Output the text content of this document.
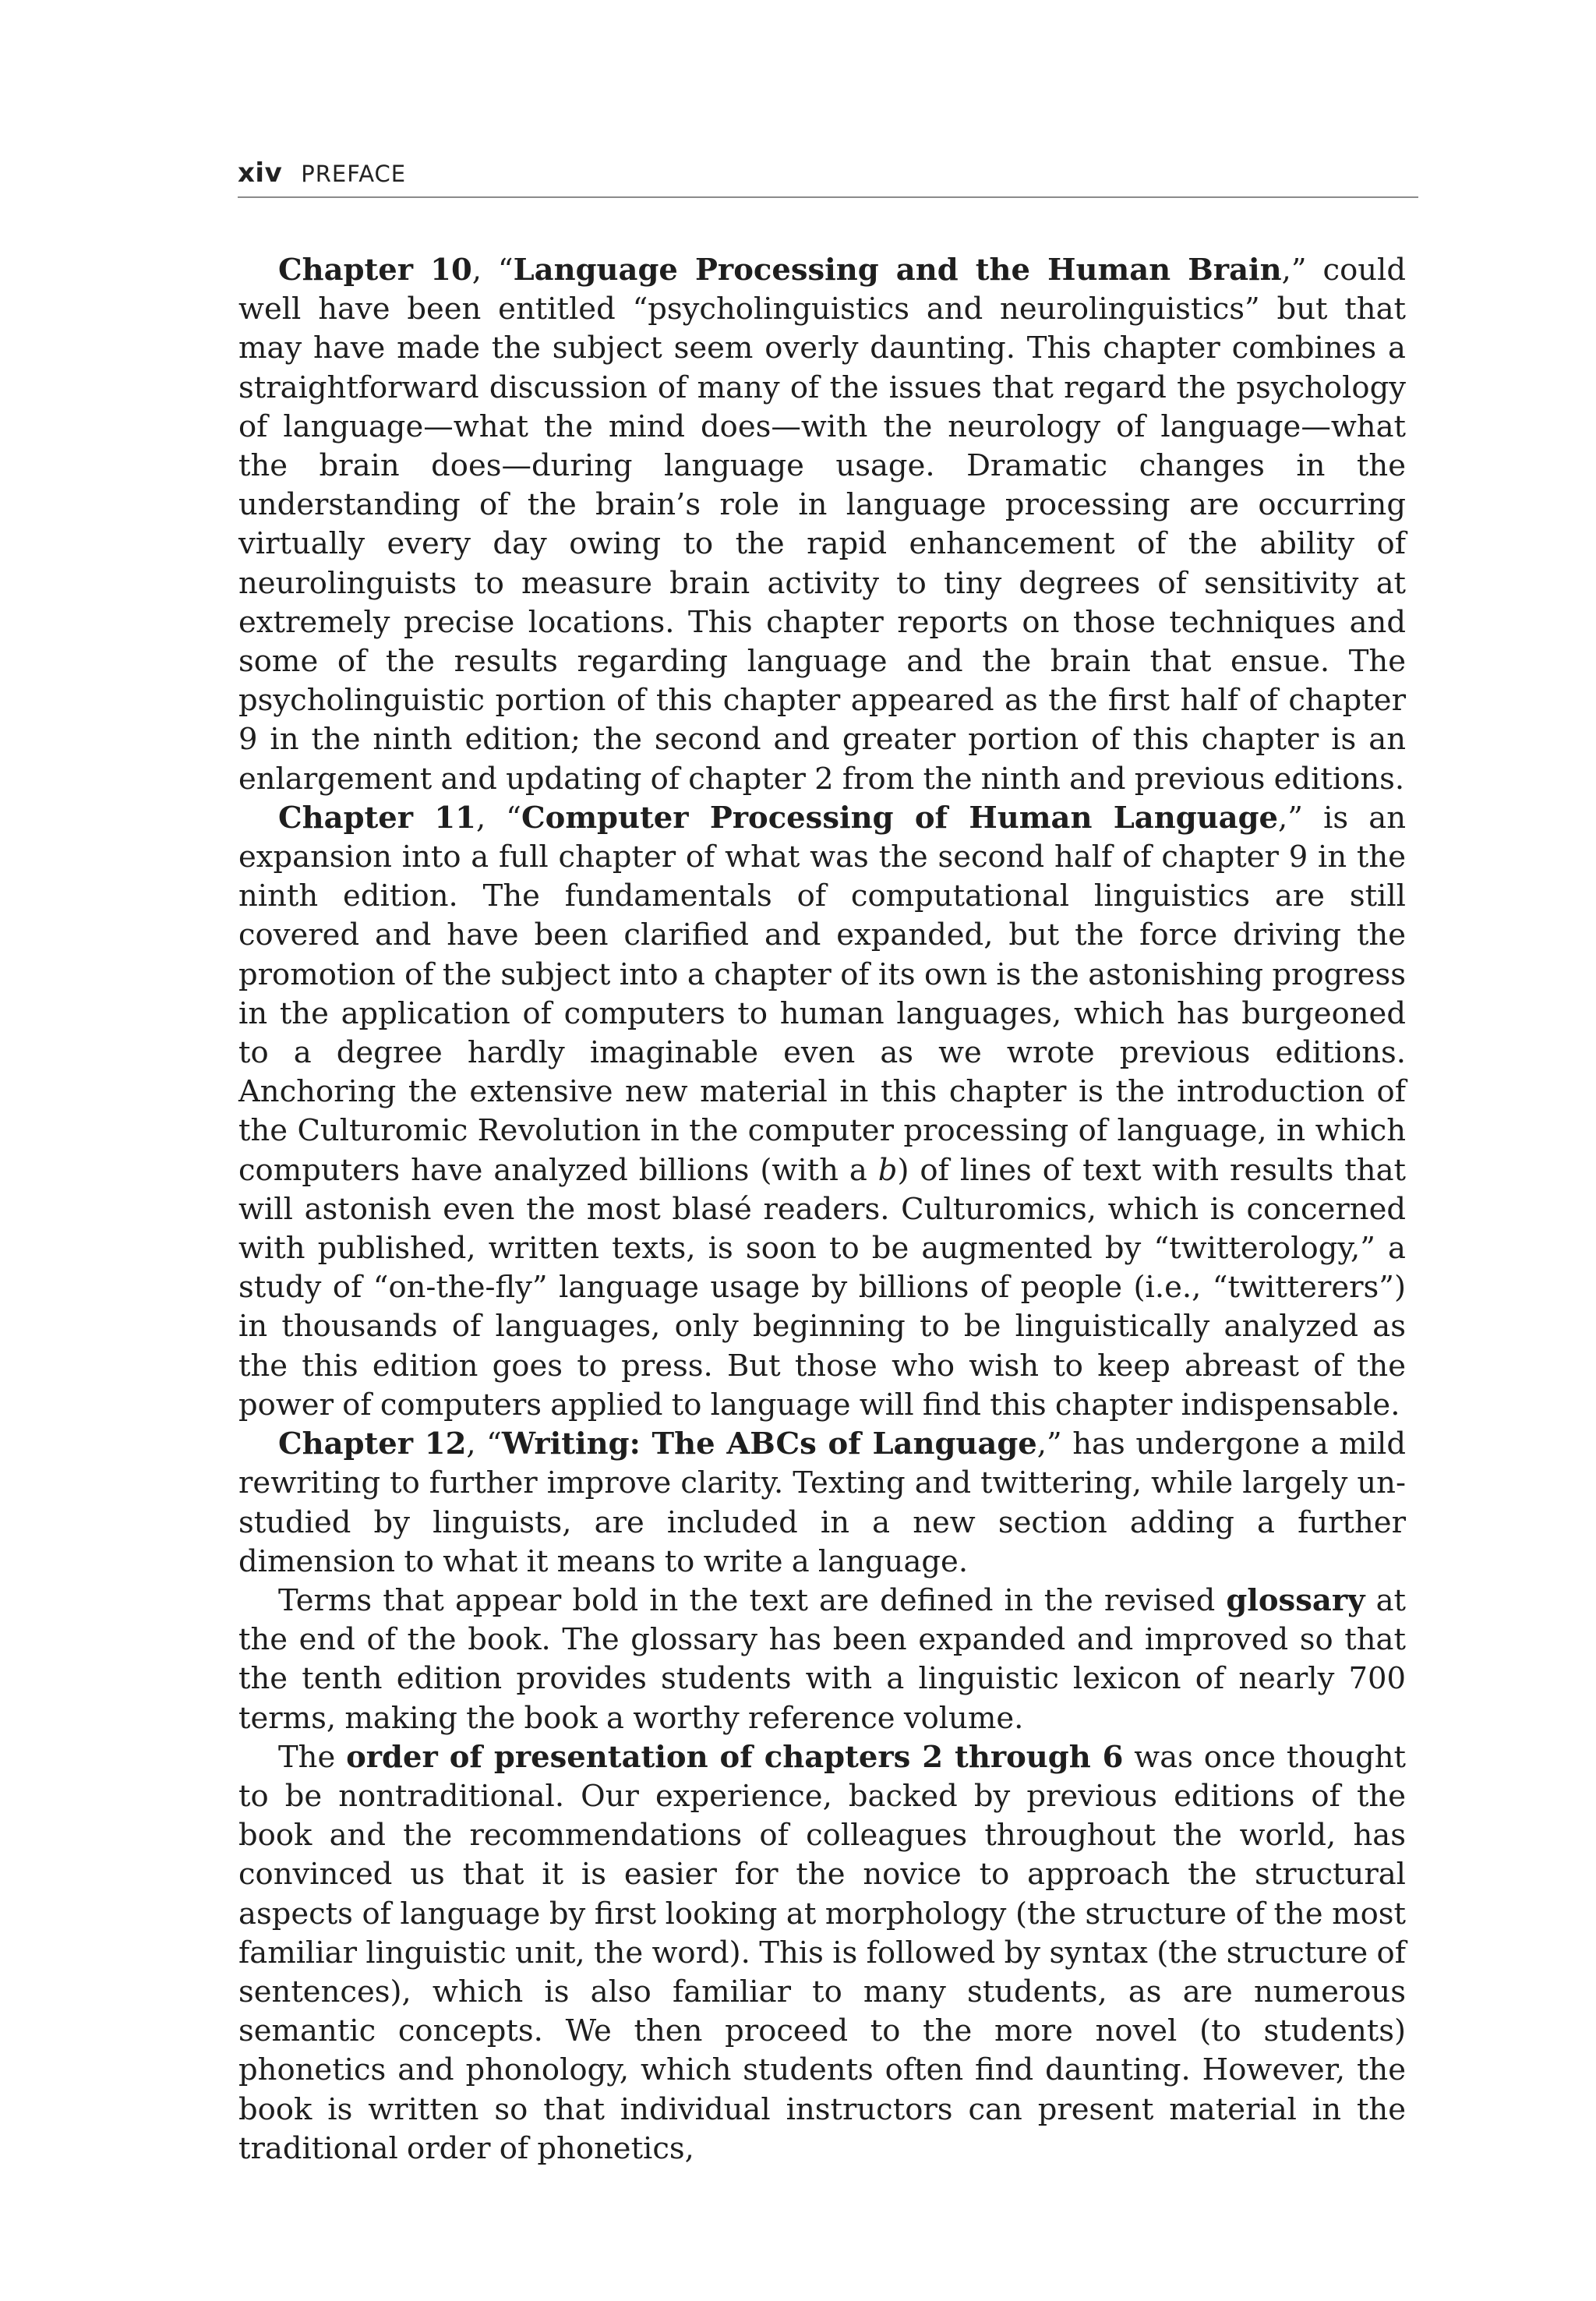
xiv PREFACE

Chapter 10, “Language Processing and the Human Brain,” could well have been entitled “psycholinguistics and neurolinguistics” but that may have made the subject seem overly daunting. This chapter combines a straightforward discussion of many of the issues that regard the psychology of language—what the mind does—with the neurology of language—what the brain does—during language usage. Dramatic changes in the understanding of the brain’s role in language processing are occurring virtually every day owing to the rapid enhancement of the ability of neurolinguists to measure brain activity to tiny degrees of sensitivity at extremely precise locations. This chapter reports on those techniques and some of the results regarding language and the brain that ensue. The psycholinguistic portion of this chapter appeared as the first half of chapter 9 in the ninth edition; the second and greater portion of this chapter is an enlargement and updating of chapter 2 from the ninth and previous editions.

Chapter 11, “Computer Processing of Human Language,” is an expansion into a full chapter of what was the second half of chapter 9 in the ninth edition. The fundamentals of computational linguistics are still covered and have been clarified and expanded, but the force driving the promotion of the subject into a chapter of its own is the astonishing progress in the application of computers to human languages, which has burgeoned to a degree hardly imaginable even as we wrote previous editions. Anchoring the extensive new material in this chapter is the introduction of the Culturomic Revolution in the computer processing of language, in which computers have analyzed billions (with a b) of lines of text with results that will astonish even the most blasé readers. Culturomics, which is concerned with published, written texts, is soon to be augmented by “twitterology,” a study of “on-the-fly” language usage by billions of people (i.e., “twitterers”) in thousands of languages, only beginning to be linguistically analyzed as the this edition goes to press. But those who wish to keep abreast of the power of computers applied to language will find this chapter indispensable.

Chapter 12, “Writing: The ABCs of Language,” has undergone a mild rewriting to further improve clarity. Texting and twittering, while largely unstudied by linguists, are included in a new section adding a further dimension to what it means to write a language.

Terms that appear bold in the text are defined in the revised glossary at the end of the book. The glossary has been expanded and improved so that the tenth edition provides students with a linguistic lexicon of nearly 700 terms, making the book a worthy reference volume.

The order of presentation of chapters 2 through 6 was once thought to be nontraditional. Our experience, backed by previous editions of the book and the recommendations of colleagues throughout the world, has convinced us that it is easier for the novice to approach the structural aspects of language by first looking at morphology (the structure of the most familiar linguistic unit, the word). This is followed by syntax (the structure of sentences), which is also familiar to many students, as are numerous semantic concepts. We then proceed to the more novel (to students) phonetics and phonology, which students often find daunting. However, the book is written so that individual instructors can present material in the traditional order of phonetics,
